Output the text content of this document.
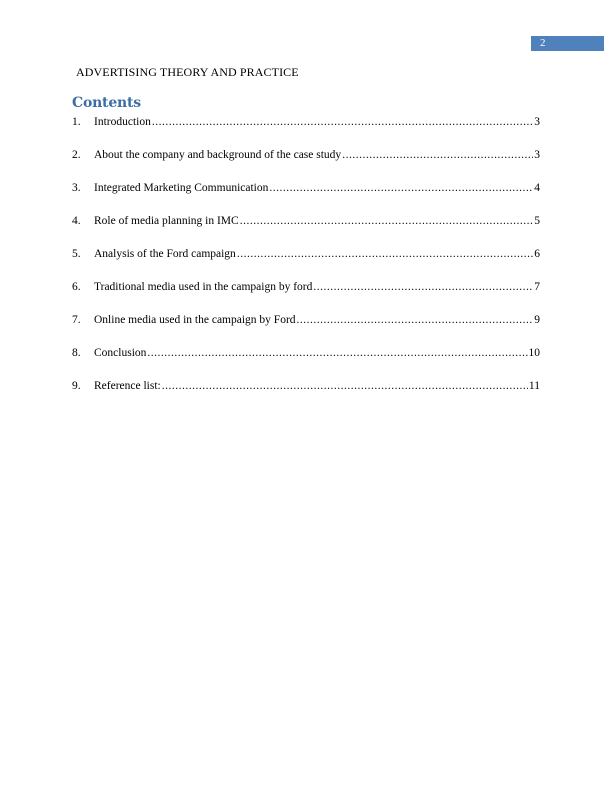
2
ADVERTISING THEORY AND PRACTICE
Contents
1.	Introduction .....	3
2.	About the company and background of the case study .....	3
3.	Integrated Marketing Communication .....	4
4.	Role of media planning in IMC .....	5
5.	Analysis of the Ford campaign .....	6
6.	Traditional media used in the campaign by ford .....	7
7.	Online media used in the campaign by Ford .....	9
8.	Conclusion .....	10
9.	Reference list: .....	11
